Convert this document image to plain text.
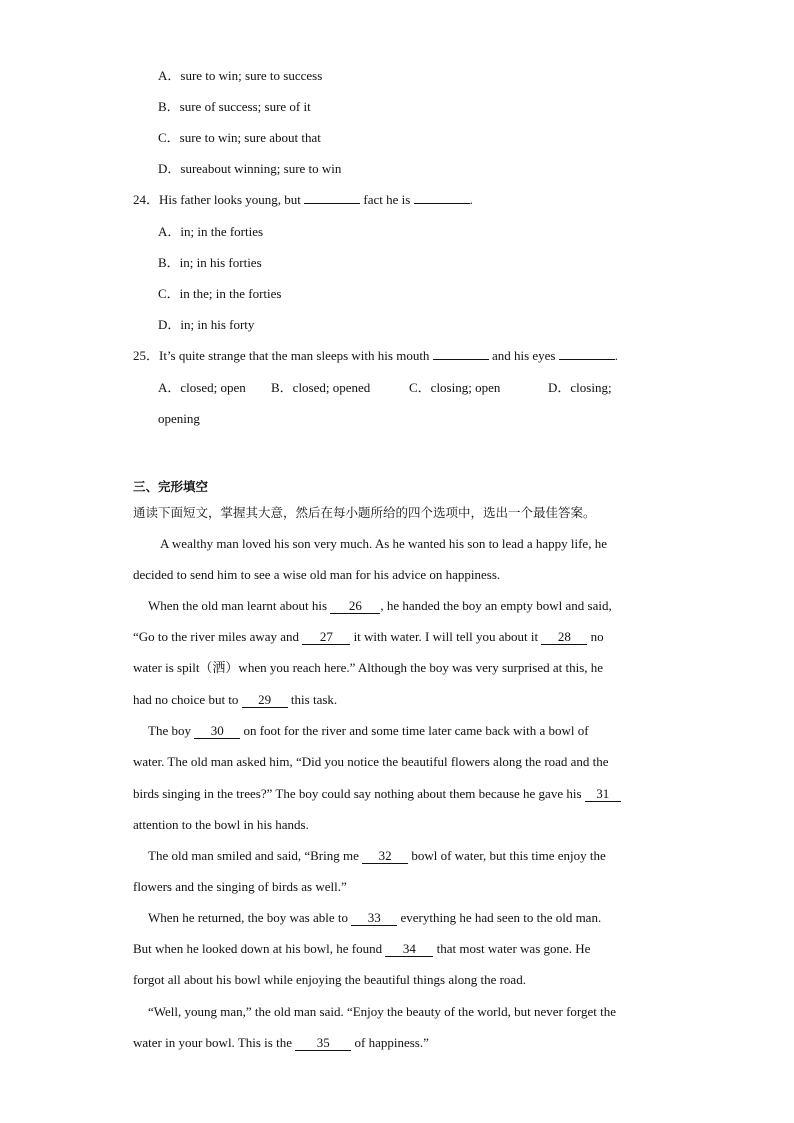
A．sure to win; sure to success
B．sure of success; sure of it
C．sure to win; sure about that
D．sureabout winning; sure to win
24．His father looks young, but	fact he is	.
A．in; in the forties
B．in; in his forties
C．in the; in the forties
D．in; in his forty
25．It’s quite strange that the man sleeps with his mouth	and his eyes	.
A．closed; open B．closed; opened	C．closing; open	D．closing;
opening
三、完形填空
通读下面短文，掌握其大意，然后在每小题所给的四个选项中，选出一个最佳答案。
A wealthy man loved his son very much. As he wanted his son to lead a happy life, he
decided to send him to see a wise old man for his advice on happiness.
When the old man learnt about his 26 , he handed the boy an empty bowl and said,
“Go to the river miles away and 27 it with water. I will tell you about it 28 no
water is spilt（洒）when you reach here.” Although the boy was very surprised at this, he
had no choice but to 29 this task.
The boy 30 on foot for the river and some time later came back with a bowl of
water. The old man asked him, “Did you notice the beautiful flowers along the road and the
birds singing in the trees?” The boy could say nothing about them because he gave his 31
attention to the bowl in his hands.
The old man smiled and said, “Bring me 32 bowl of water, but this time enjoy the
flowers and the singing of birds as well.”
When he returned, the boy was able to 33 everything he had seen to the old man.
But when he looked down at his bowl, he found 34 that most water was gone. He
forgot all about his bowl while enjoying the beautiful things along the road.
“Well, young man,” the old man said. “Enjoy the beauty of the world, but never forget the
water in your bowl. This is the 35 of happiness.”
